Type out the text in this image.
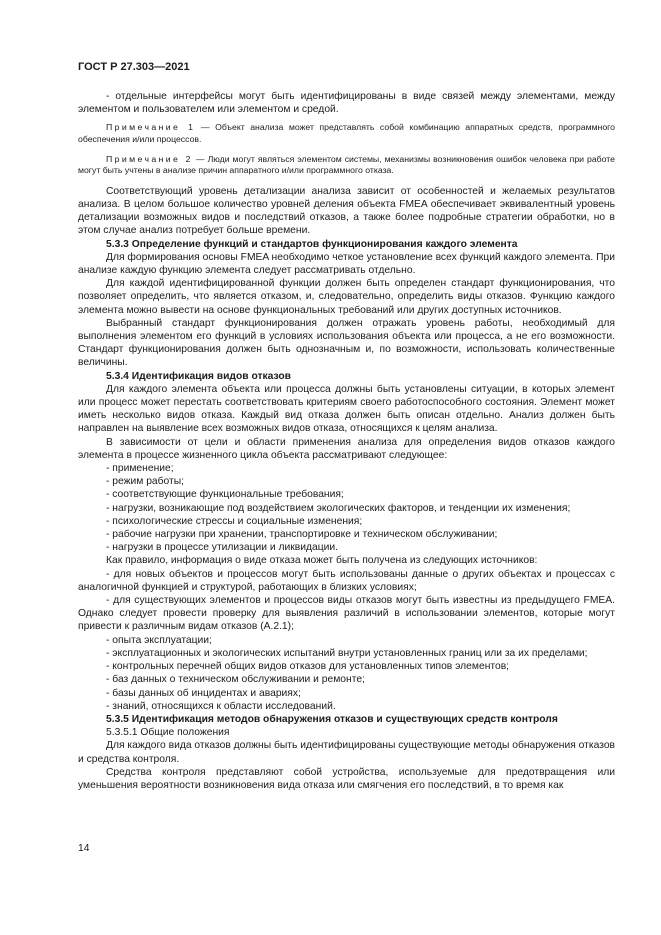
ГОСТ Р 27.303—2021

- отдельные интерфейсы могут быть идентифицированы в виде связей между элементами, между элементом и пользователем или элементом и средой.

Примечание 1 — Объект анализа может представлять собой комбинацию аппаратных средств, программного обеспечения и/или процессов.

Примечание 2 — Люди могут являться элементом системы, механизмы возникновения ошибок человека при работе могут быть учтены в анализе причин аппаратного и/или программного отказа.

Соответствующий уровень детализации анализа зависит от особенностей и желаемых результатов анализа. В целом большое количество уровней деления объекта FMEA обеспечивает эквивалентный уровень детализации возможных видов и последствий отказов, а также более подробные стратегии обработки, но в этом случае анализ потребует больше времени.

5.3.3 Определение функций и стандартов функционирования каждого элемента

Для формирования основы FMEA необходимо четкое установление всех функций каждого элемента. При анализе каждую функцию элемента следует рассматривать отдельно.

Для каждой идентифицированной функции должен быть определен стандарт функционирования, что позволяет определить, что является отказом, и, следовательно, определить виды отказов. Функцию каждого элемента можно вывести на основе функциональных требований или других доступных источников.

Выбранный стандарт функционирования должен отражать уровень работы, необходимый для выполнения элементом его функций в условиях использования объекта или процесса, а не его возможности. Стандарт функционирования должен быть однозначным и, по возможности, использовать количественные величины.

5.3.4 Идентификация видов отказов

Для каждого элемента объекта или процесса должны быть установлены ситуации, в которых элемент или процесс может перестать соответствовать критериям своего работоспособного состояния. Элемент может иметь несколько видов отказа. Каждый вид отказа должен быть описан отдельно. Анализ должен быть направлен на выявление всех возможных видов отказа, относящихся к целям анализа.

В зависимости от цели и области применения анализа для определения видов отказов каждого элемента в процессе жизненного цикла объекта рассматривают следующее:

- применение;

- режим работы;

- соответствующие функциональные требования;

- нагрузки, возникающие под воздействием экологических факторов, и тенденции их изменения;

- психологические стрессы и социальные изменения;

- рабочие нагрузки при хранении, транспортировке и техническом обслуживании;

- нагрузки в процессе утилизации и ликвидации.

Как правило, информация о виде отказа может быть получена из следующих источников:

- для новых объектов и процессов могут быть использованы данные о других объектах и процессах с аналогичной функцией и структурой, работающих в близких условиях;

- для существующих элементов и процессов виды отказов могут быть известны из предыдущего FMEA. Однако следует провести проверку для выявления различий в использовании элементов, которые могут привести к различным видам отказов (А.2.1);

- опыта эксплуатации;

- эксплуатационных и экологических испытаний внутри установленных границ или за их пределами;

- контрольных перечней общих видов отказов для установленных типов элементов;

- баз данных о техническом обслуживании и ремонте;

- базы данных об инцидентах и авариях;

- знаний, относящихся к области исследований.

5.3.5 Идентификация методов обнаружения отказов и существующих средств контроля

5.3.5.1 Общие положения

Для каждого вида отказов должны быть идентифицированы существующие методы обнаружения отказов и средства контроля.

Средства контроля представляют собой устройства, используемые для предотвращения или уменьшения вероятности возникновения вида отказа или смягчения его последствий, в то время как

14
